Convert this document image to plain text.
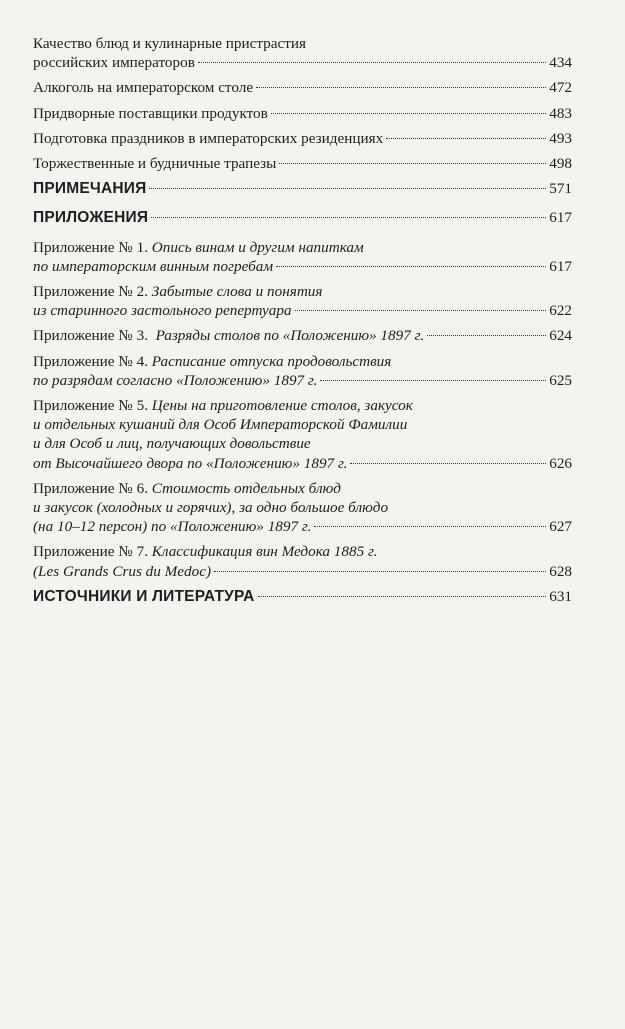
Качество блюд и кулинарные пристрастия
российских императоров	434
Алкоголь на императорском столе	472
Придворные поставщики продуктов	483
Подготовка праздников в императорских резиденциях	493
Торжественные и будничные трапезы	498
ПРИМЕЧАНИЯ	571
ПРИЛОЖЕНИЯ	617
Приложение № 1. Опись винам и другим напиткам
по императорским винным погребам	617
Приложение № 2. Забытые слова и понятия
из старинного застольного репертуара	622
Приложение № 3. Разряды столов по «Положению» 1897 г.	624
Приложение № 4. Расписание отпуска продовольствия
по разрядам согласно «Положению» 1897 г.	625
Приложение № 5. Цены на приготовление столов, закусок
и отдельных кушаний для Особ Императорской Фамилии
и для Особ и лиц, получающих довольствие
от Высочайшего двора по «Положению» 1897 г.	626
Приложение № 6. Стоимость отдельных блюд
и закусок (холодных и горячих), за одно большое блюдо
(на 10–12 персон) по «Положению» 1897 г.	627
Приложение № 7. Классификация вин Медока 1885 г.
(Les Grands Crus du Medoc)	628
ИСТОЧНИКИ И ЛИТЕРАТУРА	631
